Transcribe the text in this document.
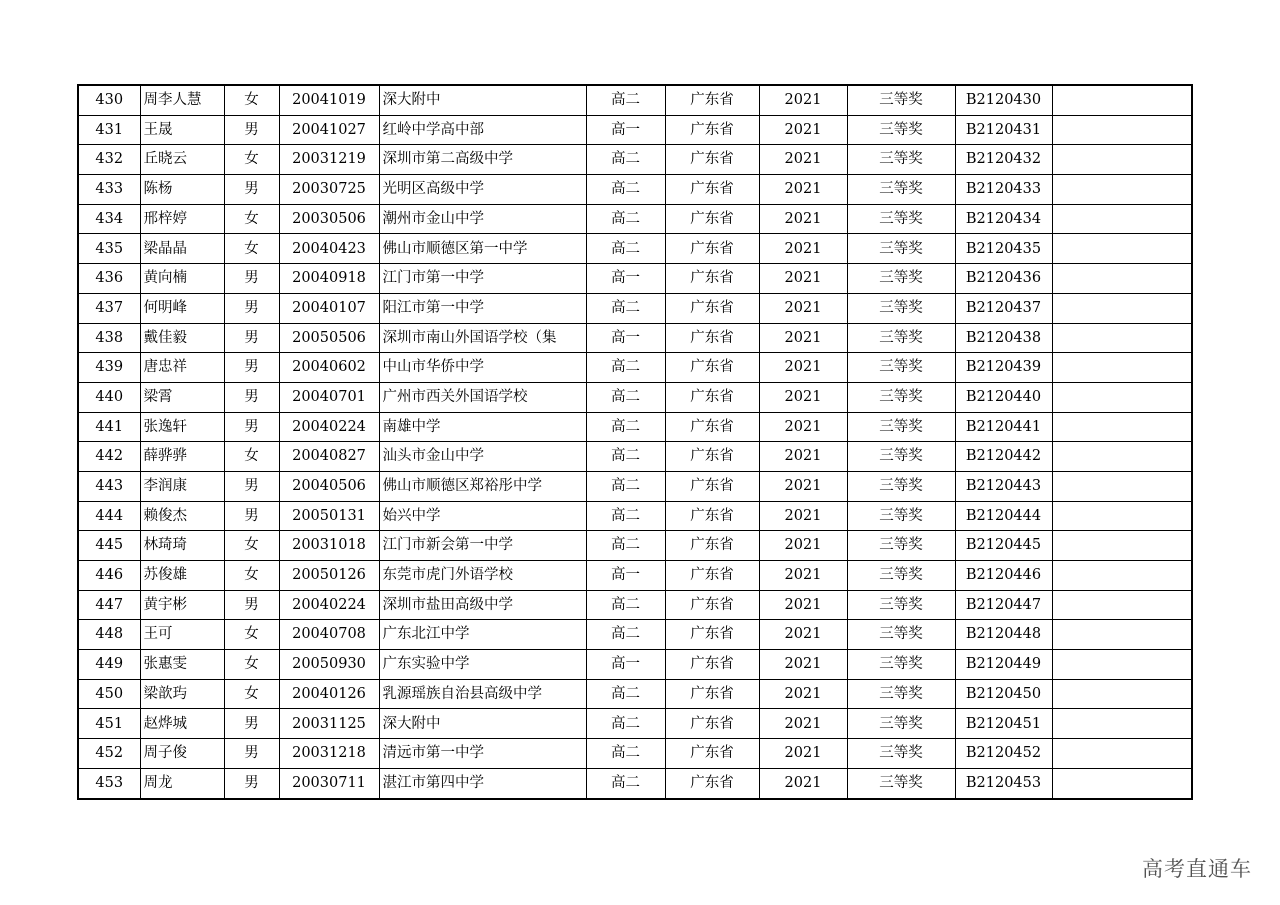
430	周李人慧	女	20041019	深大附中	高二	广东省	2021	三等奖	B2120430	
431	王晟	男	20041027	红岭中学高中部	高一	广东省	2021	三等奖	B2120431	
432	丘晓云	女	20031219	深圳市第二高级中学	高二	广东省	2021	三等奖	B2120432	
433	陈杨	男	20030725	光明区高级中学	高二	广东省	2021	三等奖	B2120433	
434	邢梓婷	女	20030506	潮州市金山中学	高二	广东省	2021	三等奖	B2120434	
435	梁晶晶	女	20040423	佛山市顺德区第一中学	高二	广东省	2021	三等奖	B2120435	
436	黄向楠	男	20040918	江门市第一中学	高一	广东省	2021	三等奖	B2120436	
437	何明峰	男	20040107	阳江市第一中学	高二	广东省	2021	三等奖	B2120437	
438	戴佳毅	男	20050506	深圳市南山外国语学校（集	高一	广东省	2021	三等奖	B2120438	
439	唐忠祥	男	20040602	中山市华侨中学	高二	广东省	2021	三等奖	B2120439	
440	梁霄	男	20040701	广州市西关外国语学校	高二	广东省	2021	三等奖	B2120440	
441	张逸轩	男	20040224	南雄中学	高二	广东省	2021	三等奖	B2120441	
442	薛骅骅	女	20040827	汕头市金山中学	高二	广东省	2021	三等奖	B2120442	
443	李润康	男	20040506	佛山市顺德区郑裕彤中学	高二	广东省	2021	三等奖	B2120443	
444	赖俊杰	男	20050131	始兴中学	高二	广东省	2021	三等奖	B2120444	
445	林琦琦	女	20031018	江门市新会第一中学	高二	广东省	2021	三等奖	B2120445	
446	苏俊雄	女	20050126	东莞市虎门外语学校	高一	广东省	2021	三等奖	B2120446	
447	黄宇彬	男	20040224	深圳市盐田高级中学	高二	广东省	2021	三等奖	B2120447	
448	王可	女	20040708	广东北江中学	高二	广东省	2021	三等奖	B2120448	
449	张惠雯	女	20050930	广东实验中学	高一	广东省	2021	三等奖	B2120449	
450	梁歆玙	女	20040126	乳源瑶族自治县高级中学	高二	广东省	2021	三等奖	B2120450	
451	赵烨城	男	20031125	深大附中	高二	广东省	2021	三等奖	B2120451	
452	周子俊	男	20031218	清远市第一中学	高二	广东省	2021	三等奖	B2120452	
453	周龙	男	20030711	湛江市第四中学	高二	广东省	2021	三等奖	B2120453	
高考直通车
